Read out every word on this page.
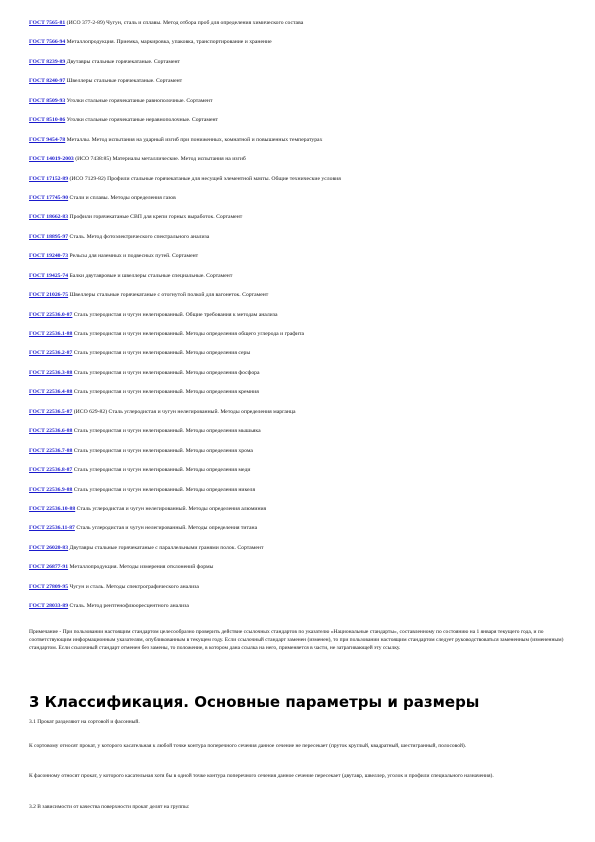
ГОСТ 7565-81 (ИСО 377-2-89) Чугун, сталь и сплавы. Метод отбора проб для определения химического состава

ГОСТ 7566-94 Металлопродукция. Приемка, маркировка, упаковка, транспортирование и хранение

ГОСТ 8239-89 Двутавры стальные горячекатаные. Сортамент

ГОСТ 8240-97 Швеллеры стальные горячекатаные. Сортамент

ГОСТ 8509-93 Уголки стальные горячекатаные равнополочные. Сортамент

ГОСТ 8510-86 Уголки стальные горячекатаные неравнополочные. Сортамент

ГОСТ 9454-78 Металлы. Метод испытания на ударный изгиб при пониженных, комнатной и повышенных температурах

ГОСТ 14019-2003 (ИСО 7438:85) Материалы металлические. Метод испытания на изгиб

ГОСТ 17152-89 (ИСО 7129-82) Профили стальные горячекатаные для несущей элементной мачты. Общие технические условия

ГОСТ 17745-90 Стали и сплавы. Методы определения газов

ГОСТ 18662-83 Профили горячекатаные СВП для крепи горных выработок. Сортамент

ГОСТ 18895-97 Сталь. Метод фотоэлектрического спектрального анализа

ГОСТ 19240-73 Рельсы для наземных и подвесных путей. Сортамент

ГОСТ 19425-74 Балки двутавровые и швеллеры стальные специальные. Сортамент

ГОСТ 21026-75 Швеллеры стальные горячекатаные с отогнутой полкой для вагонеток. Сортамент

ГОСТ 22536.0-87 Сталь углеродистая и чугун нелегированный. Общие требования к методам анализа

ГОСТ 22536.1-88 Сталь углеродистая и чугун нелегированный. Методы определения общего углерода и графита

ГОСТ 22536.2-87 Сталь углеродистая и чугун нелегированный. Методы определения серы

ГОСТ 22536.3-88 Сталь углеродистая и чугун нелегированный. Методы определения фосфора

ГОСТ 22536.4-88 Сталь углеродистая и чугун нелегированный. Методы определения кремния

ГОСТ 22536.5-87 (ИСО 629-82) Сталь углеродистая и чугун нелегированный. Методы определения марганца

ГОСТ 22536.6-88 Сталь углеродистая и чугун нелегированный. Методы определения мышьяка

ГОСТ 22536.7-88 Сталь углеродистая и чугун нелегированный. Методы определения хрома

ГОСТ 22536.8-87 Сталь углеродистая и чугун нелегированный. Методы определения меди

ГОСТ 22536.9-88 Сталь углеродистая и чугун нелегированный. Методы определения никеля

ГОСТ 22536.10-88 Сталь углеродистая и чугун нелегированный. Методы определения алюминия

ГОСТ 22536.11-87 Сталь углеродистая и чугун нелегированный. Методы определения титана

ГОСТ 26020-83 Двутавры стальные горячекатаные с параллельными гранями полок. Сортамент

ГОСТ 26877-91 Металлопродукция. Методы измерения отклонений формы

ГОСТ 27809-95 Чугун и сталь. Методы спектрографического анализа

ГОСТ 28033-89 Сталь. Метод рентгенофлюоресцентного анализа

Примечание - При пользовании настоящим стандартом целесообразно проверить действие ссылочных стандартов по указателю «Национальные стандарты», составленному по состоянию на 1 января текущего года, и по соответствующим информационным указателям, опубликованным в текущем году. Если ссылочный стандарт заменен (изменен), то при пользовании настоящим стандартом следует руководствоваться замененным (измененным) стандартом. Если ссылочный стандарт отменен без замены, то положение, в котором дана ссылка на него, применяется в части, не затрагивающей эту ссылку.

3 Классификация. Основные параметры и размеры

3.1 Прокат разделяют на сортовой и фасонный.

К сортовому относят прокат, у которого касательная к любой точке контура поперечного сечения данное сечение не пересекает (пруток круглый, квадратный, шестигранный, полосовой).

К фасонному относят прокат, у которого касательная хотя бы в одной точке контура поперечного сечения данное сечение пересекает (двутавр, швеллер, уголок и профили специального назначения).

3.2 В зависимости от качества поверхности прокат делят на группы:
